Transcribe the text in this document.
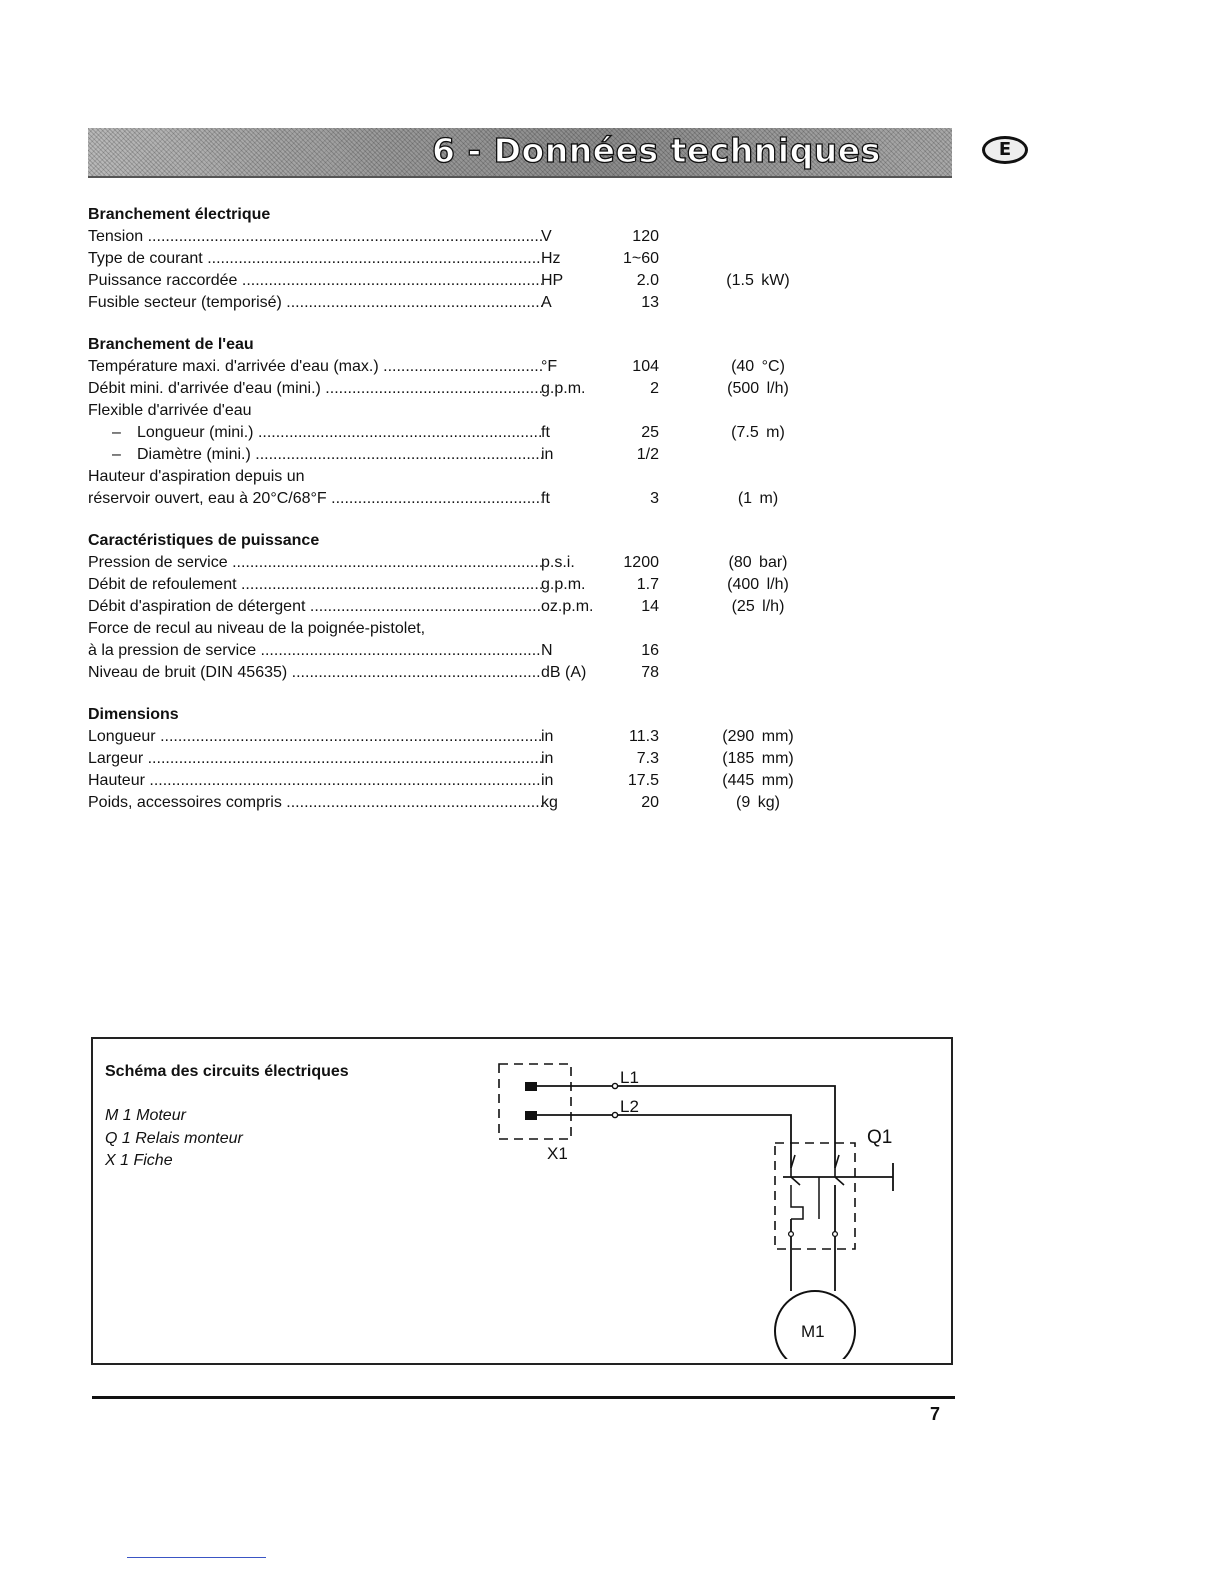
6 - Données techniques	E
Branchement électrique
Tension .....	V	120
Type de courant .....	Hz	1~60
Puissance raccordée .....	HP	2.0	(1.5 kW)
Fusible secteur (temporisé) .....	A	13
Branchement de l'eau
Température maxi. d'arrivée d'eau (max.) .....	°F	104	(40 °C)
Débit mini. d'arrivée d'eau (mini.) .....	g.p.m.	2	(500 l/h)
Flexible d'arrivée d'eau
– Longueur (mini.) .....	ft	25	(7.5 m)
– Diamètre (mini.) .....	in	1/2
Hauteur d'aspiration depuis un
réservoir ouvert, eau à 20°C/68°F .....	ft	3	(1 m)
Caractéristiques de puissance
Pression de service .....	p.s.i.	1200	(80 bar)
Débit de refoulement .....	g.p.m.	1.7	(400 l/h)
Débit d'aspiration de détergent .....	oz.p.m.	14	(25 l/h)
Force de recul au niveau de la poignée-pistolet,
à la pression de service .....	N	16
Niveau de bruit (DIN 45635) .....	dB (A)	78
Dimensions
Longueur .....	in	11.3	(290 mm)
Largeur .....	in	7.3	(185 mm)
Hauteur .....	in	17.5	(445 mm)
Poids, accessoires compris .....	kg	20	(9 kg)
Schéma des circuits électriques
M 1 Moteur
Q 1 Relais monteur
X 1 Fiche
L1
L2
X1
Q1
M1
7
